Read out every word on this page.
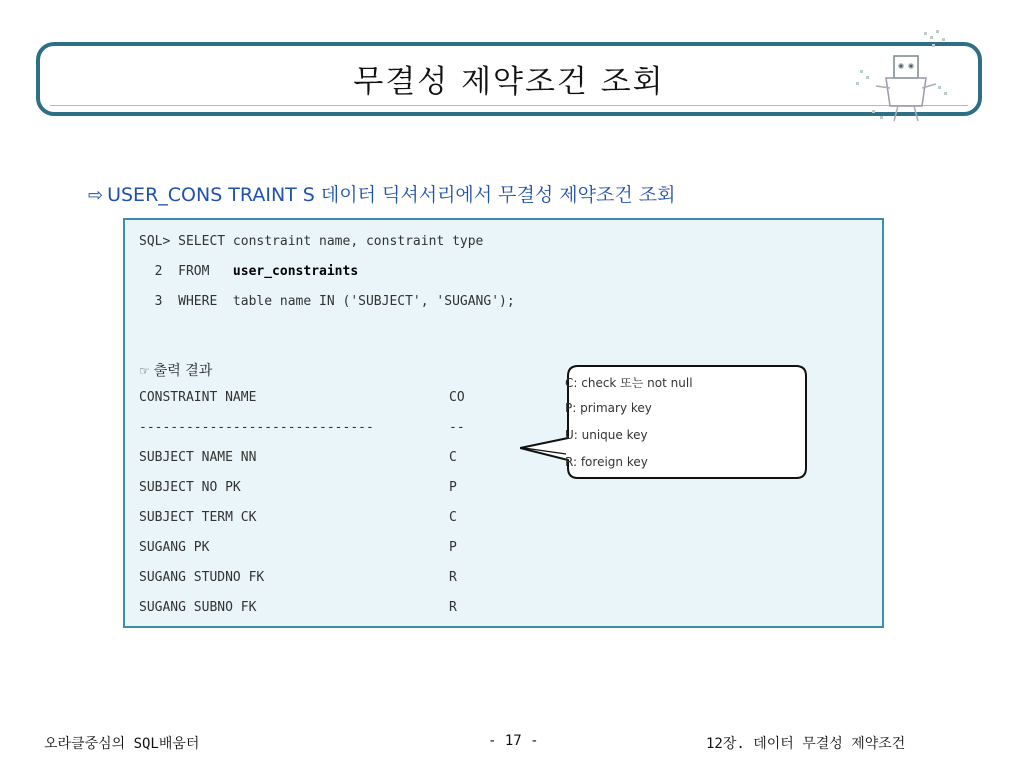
무결성 제약조건 조회
⇨ USER_CONS TRAINT S 데이터 딕셔서리에서 무결성 제약조건 조회
SQL> SELECT constraint name, constraint type
2  FROM   user_constraints
3  WHERE  table name IN ('SUBJECT', 'SUGANG');
☞ 출력 결과
CONSTRAINT NAME	CO
------------------------------	--
SUBJECT NAME NN	C
SUBJECT NO PK	P
SUBJECT TERM CK	C
SUGANG PK	P
SUGANG STUDNO FK	R
SUGANG SUBNO FK	R
C: check 또는 not null
P: primary key
U: unique key
R: foreign key
오라클중심의 SQL배움터	- 17 -	12장. 데이터 무결성 제약조건
